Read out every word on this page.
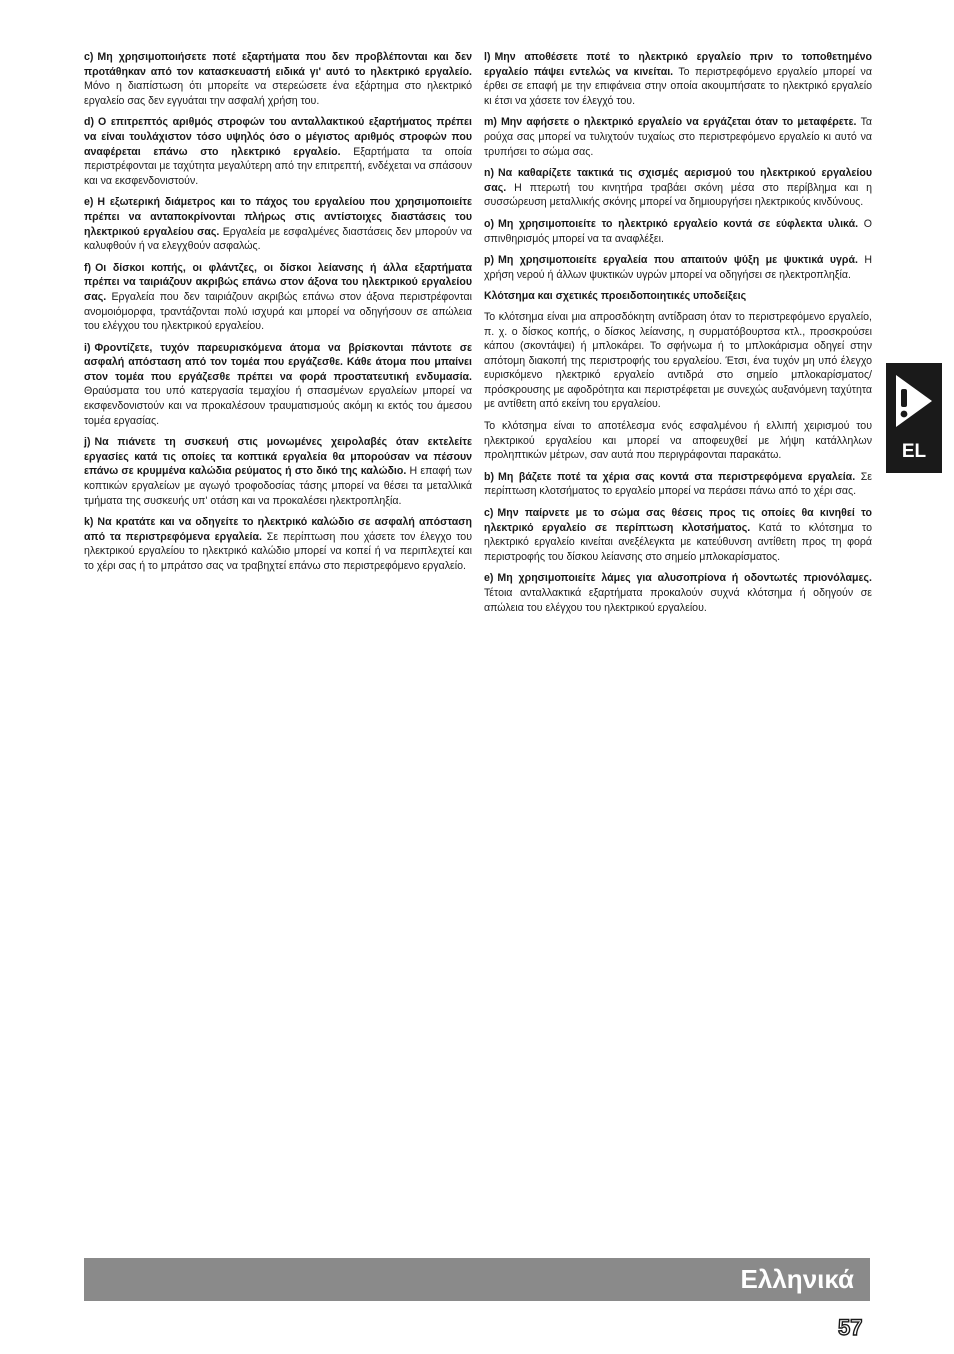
c) Μη χρησιμοποιήσετε ποτέ εξαρτήματα που δεν προβλέπονται και δεν προτάθηκαν από τον κατασκευαστή ειδικά γι' αυτό το ηλεκτρικό εργαλείο. Μόνο η διαπίστωση ότι μπορείτε να στερεώσετε ένα εξάρτημα στο ηλεκτρικό εργαλείο σας δεν εγγυάται την ασφαλή χρήση του.

d) Ο επιτρεπτός αριθμός στροφών του ανταλλακτικού εξαρτήματος πρέπει να είναι τουλάχιστον τόσο υψηλός όσο ο μέγιστος αριθμός στροφών που αναφέρεται επάνω στο ηλεκτρικό εργαλείο. Εξαρτήματα τα οποία περιστρέφονται με ταχύτητα μεγαλύτερη από την επιτρεπτή, ενδέχεται να σπάσουν και να εκσφενδονιστούν.

e) Η εξωτερική διάμετρος και το πάχος του εργαλείου που χρησιμοποιείτε πρέπει να ανταποκρίνονται πλήρως στις αντίστοιχες διαστάσεις του ηλεκτρικού εργαλείου σας. Εργαλεία με εσφαλμένες διαστάσεις δεν μπορούν να καλυφθούν ή να ελεγχθούν ασφαλώς.

f) Οι δίσκοι κοπής, οι φλάντζες, οι δίσκοι λείανσης ή άλλα εξαρτήματα πρέπει να ταιριάζουν ακριβώς επάνω στον άξονα του ηλεκτρικού εργαλείου σας. Εργαλεία που δεν ταιριάζουν ακριβώς επάνω στον άξονα περιστρέφονται ανομοιόμορφα, τραντάζονται πολύ ισχυρά και μπορεί να οδηγήσουν σε απώλεια του ελέγχου του ηλεκτρικού εργαλείου.

i) Φροντίζετε, τυχόν παρευρισκόμενα άτομα να βρίσκονται πάντοτε σε ασφαλή απόσταση από τον τομέα που εργάζεσθε. Κάθε άτομα που μπαίνει στον τομέα που εργάζεσθε πρέπει να φορά προστατευτική ενδυμασία. Θραύσματα του υπό κατεργασία τεμαχίου ή σπασμένων εργαλείων μπορεί να εκσφενδονιστούν και να προκαλέσουν τραυματισμούς ακόμη κι εκτός του άμεσου τομέα εργασίας.

j) Να πιάνετε τη συσκευή στις μονωμένες χειρολαβές όταν εκτελείτε εργασίες κατά τις οποίες τα κοπτικά εργαλεία θα μπορούσαν να πέσουν επάνω σε κρυμμένα καλώδια ρεύματος ή στο δικό της καλώδιο. Η επαφή των κοπτικών εργαλείων με αγωγό τροφοδοσίας τάσης μπορεί να θέσει τα μεταλλικά τμήματα της συσκευής υπ' οτάση και να προκαλέσει ηλεκτροπληξία.

k) Να κρατάτε και να οδηγείτε το ηλεκτρικό καλώδιο σε ασφαλή απόσταση από τα περιστρεφόμενα εργαλεία. Σε περίπτωση που χάσετε τον έλεγχο του ηλεκτρικού εργαλείου το ηλεκτρικό καλώδιο μπορεί να κοπεί ή να περιπλεχτεί και το χέρι σας ή το μπράτσο σας να τραβηχτεί επάνω στο περιστρεφόμενο εργαλείο.

l) Μην αποθέσετε ποτέ το ηλεκτρικό εργαλείο πριν το τοποθετημένο εργαλείο πάψει εντελώς να κινείται. Το περιστρεφόμενο εργαλείο μπορεί να έρθει σε επαφή με την επιφάνεια στην οποία ακουμπήσατε το ηλεκτρικό εργαλείο κι έτσι να χάσετε τον έλεγχό του.

m) Μην αφήσετε ο ηλεκτρικό εργαλείο να εργάζεται όταν το μεταφέρετε. Τα ρούχα σας μπορεί να τυλιχτούν τυχαίως στο περιστρεφόμενο εργαλείο κι αυτό να τρυπήσει το σώμα σας.

n) Να καθαρίζετε τακτικά τις σχισμές αερισμού του ηλεκτρικού εργαλείου σας. Η πτερωτή του κινητήρα τραβάει σκόνη μέσα στο περίβλημα και η συσσώρευση μεταλλικής σκόνης μπορεί να δημιουργήσει ηλεκτρικούς κινδύνους.

o) Μη χρησιμοποιείτε το ηλεκτρικό εργαλείο κοντά σε εύφλεκτα υλικά. Ο σπινθηρισμός μπορεί να τα αναφλέξει.

p) Μη χρησιμοποιείτε εργαλεία που απαιτούν ψύξη με ψυκτικά υγρά. Η χρήση νερού ή άλλων ψυκτικών υγρών μπορεί να οδηγήσει σε ηλεκτροπληξία.

Κλότσημα και σχετικές προειδοποιητικές υποδείξεις

Το κλότσημα είναι μια απροσδόκητη αντίδραση όταν το περιστρεφόμενο εργαλείο, π. χ. ο δίσκος κοπής, ο δίσκος λείανσης, η συρματόβουρτσα κτλ., προσκρούσει κάπου (σκοντάψει) ή μπλοκάρει. Το σφήνωμα ή το μπλοκάρισμα οδηγεί στην απότομη διακοπή της περιστροφής του εργαλείου. Έτσι, ένα τυχόν μη υπό έλεγχο ευρισκόμενο ηλεκτρικό εργαλείο αντιδρά στο σημείο μπλοκαρίσματος/πρόσκρουσης με αφοδρότητα και περιστρέφεται με συνεχώς αυξανόμενη ταχύτητα με αντίθετη από εκείνη του εργαλείου.

Το κλότσημα είναι το αποτέλεσμα ενός εσφαλμένου ή ελλιπή χειρισμού του ηλεκτρικού εργαλείου και μπορεί να αποφευχθεί με λήψη κατάλληλων προληπτικών μέτρων, σαν αυτά που περιγράφονται παρακάτω.

b) Μη βάζετε ποτέ τα χέρια σας κοντά στα περιστρεφόμενα εργαλεία. Σε περίπτωση κλοτσήματος το εργαλείο μπορεί να περάσει πάνω από το χέρι σας.

c) Μην παίρνετε με το σώμα σας θέσεις προς τις οποίες θα κινηθεί το ηλεκτρικό εργαλείο σε περίπτωση κλοτσήματος. Κατά το κλότσημα το ηλεκτρικό εργαλείο κινείται ανεξέλεγκτα με κατεύθυνση αντίθετη προς τη φορά περιστροφής του δίσκου λείανσης στο σημείο μπλοκαρίσματος.

e) Μη χρησιμοποιείτε λάμες για αλυσοπρίονα ή οδοντωτές πριονόλαμες. Τέτοια ανταλλακτικά εξαρτήματα προκαλούν συχνά κλότσημα ή οδηγούν σε απώλεια του ελέγχου του ηλεκτρικού εργαλείου.

EL
Ελληνικά
57
